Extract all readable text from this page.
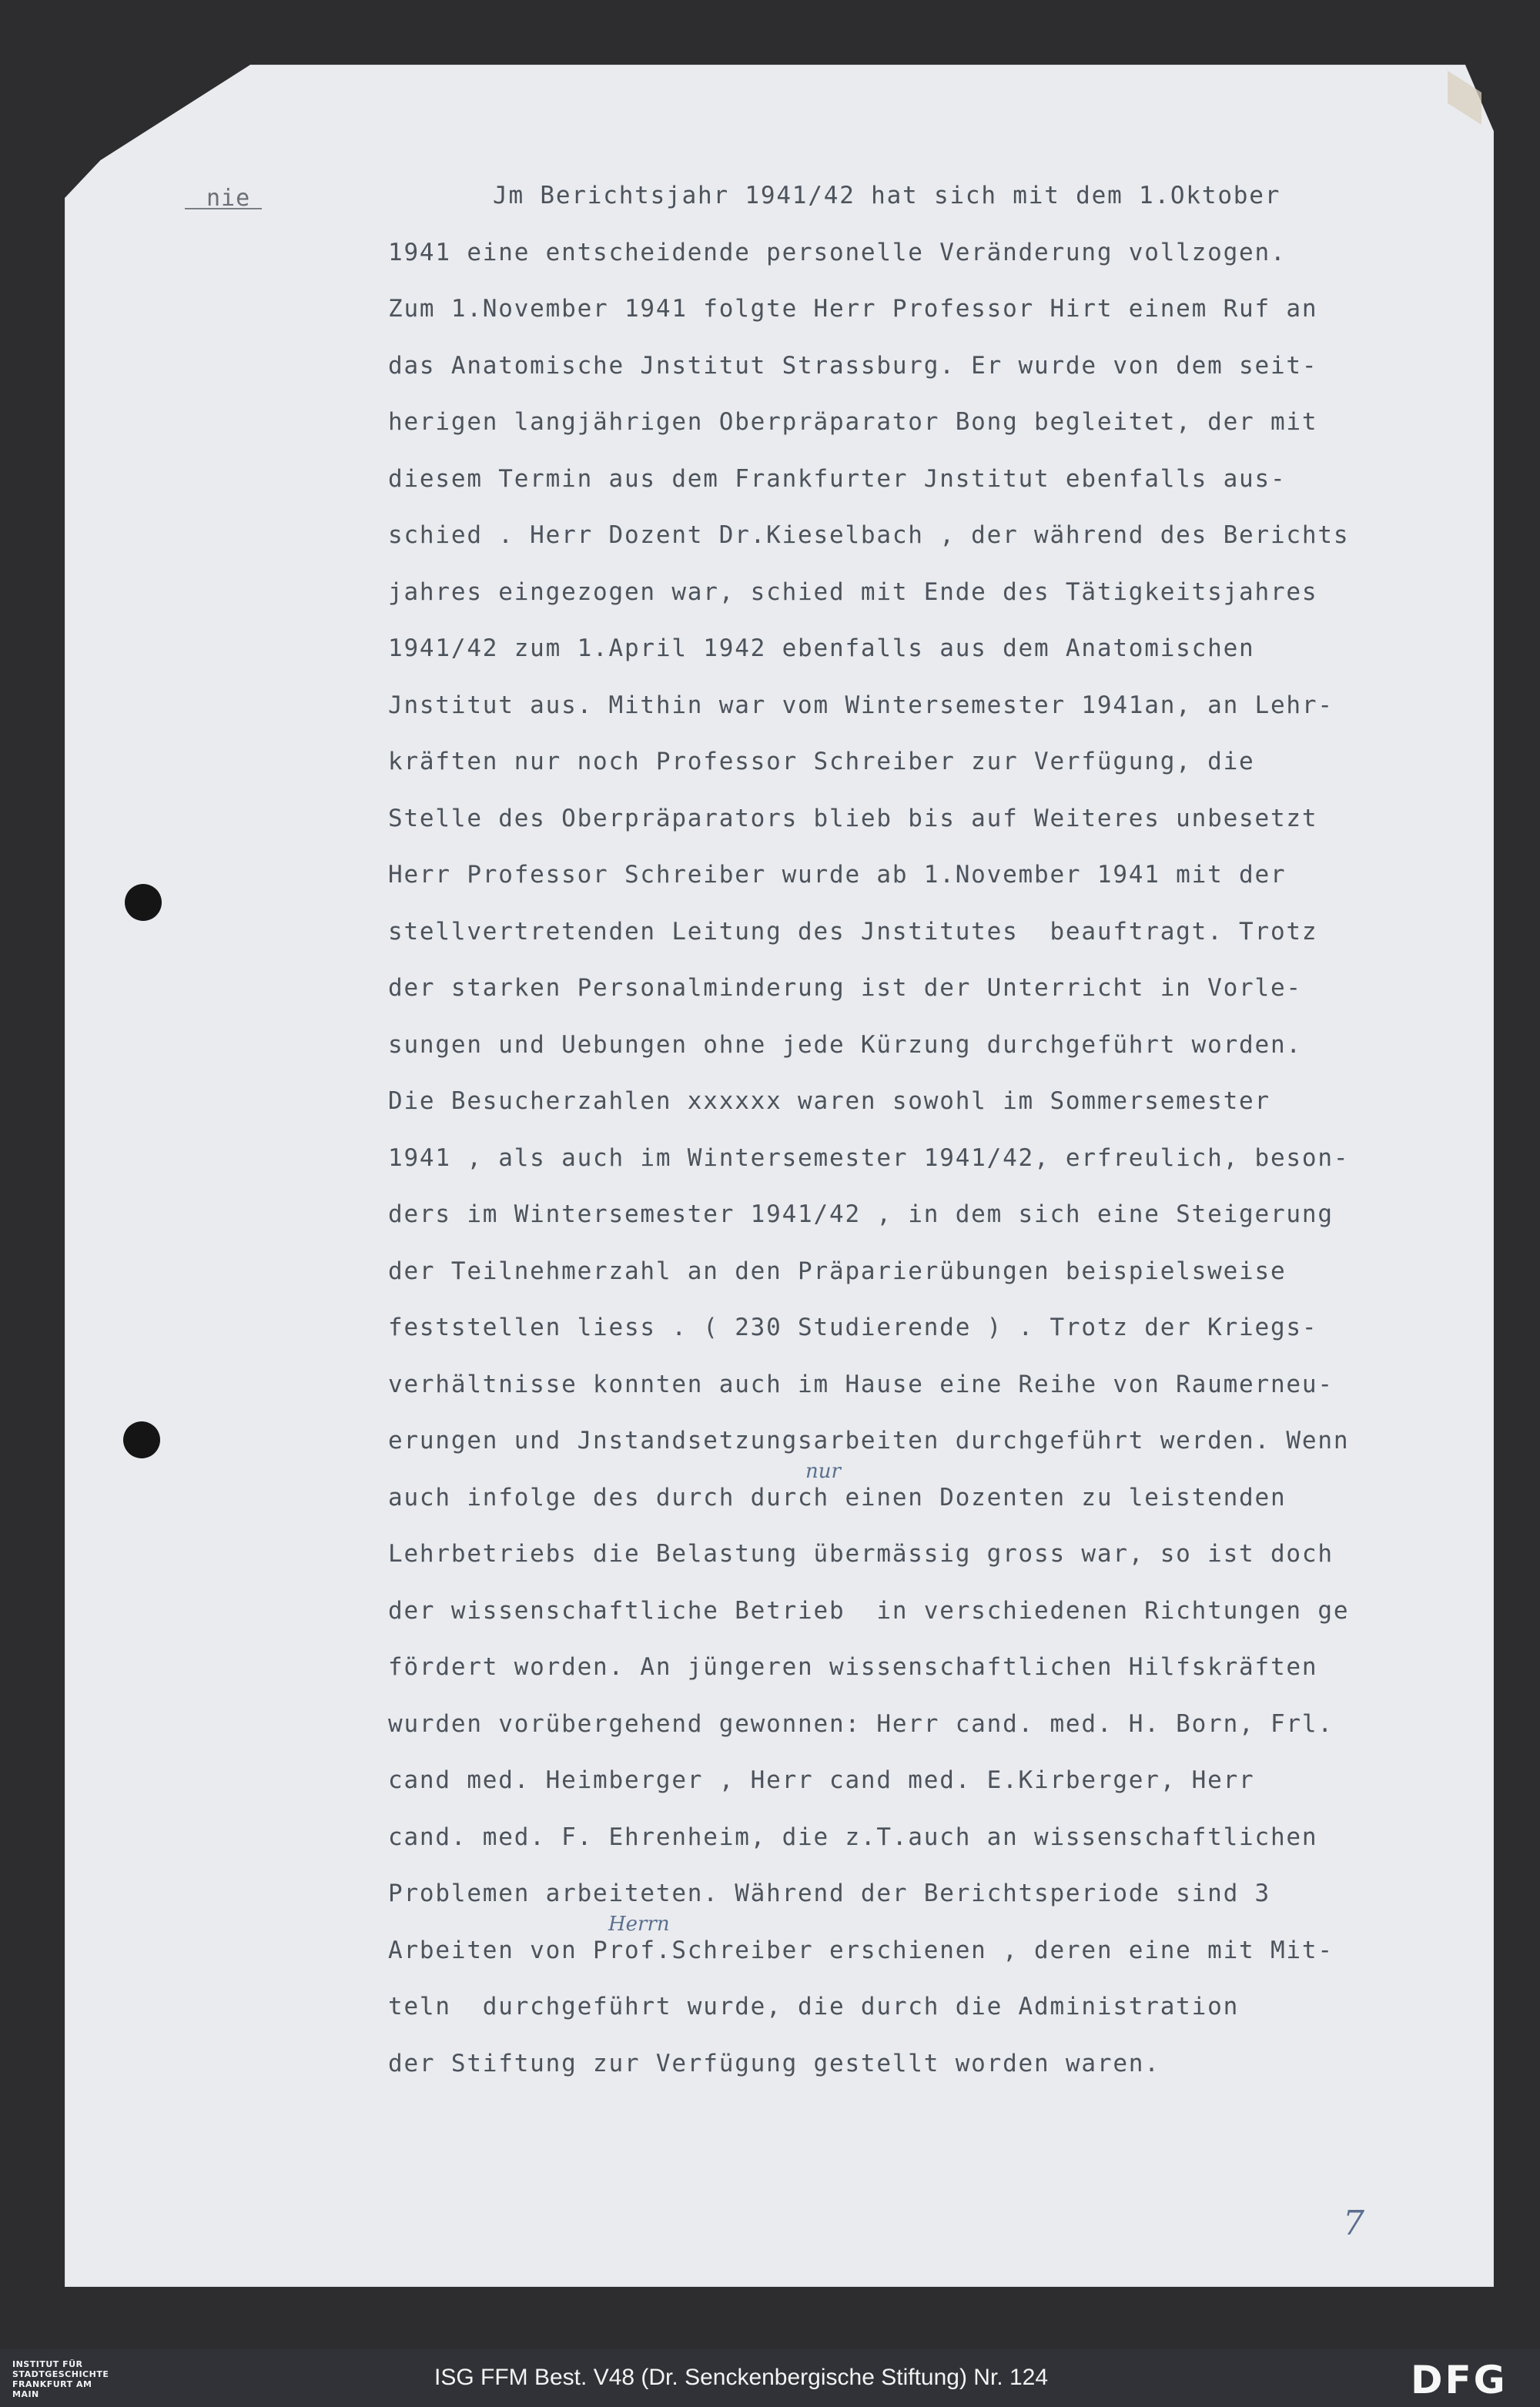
nie	Jm Berichtsjahr 1941/42 hat sich mit dem 1.Oktober
1941 eine entscheidende personelle Veränderung vollzogen.
Zum 1.November 1941 folgte Herr Professor Hirt einem Ruf an
das Anatomische Jnstitut Strassburg. Er wurde von dem seit-
herigen langjährigen Oberpräparator Bong begleitet, der mit
diesem Termin aus dem Frankfurter Jnstitut ebenfalls aus-
schied . Herr Dozent Dr.Kieselbach , der während des Berichts
jahres eingezogen war, schied mit Ende des Tätigkeitsjahres
1941/42 zum 1.April 1942 ebenfalls aus dem Anatomischen
Jnstitut aus. Mithin war vom Wintersemester 1941an, an Lehr-
kräften nur noch Professor Schreiber zur Verfügung, die
Stelle des Oberpräparators blieb bis auf Weiteres unbesetzt
Herr Professor Schreiber wurde ab 1.November 1941 mit der
stellvertretenden Leitung des Jnstitutes  beauftragt. Trotz
der starken Personalminderung ist der Unterricht in Vorle-
sungen und Uebungen ohne jede Kürzung durchgeführt worden.
Die Besucherzahlen xxxxxx waren sowohl im Sommersemester
1941 , als auch im Wintersemester 1941/42, erfreulich, beson-
ders im Wintersemester 1941/42 , in dem sich eine Steigerung
der Teilnehmerzahl an den Präparierübungen beispielsweise
feststellen liess . ( 230 Studierende ) . Trotz der Kriegs-
verhältnisse konnten auch im Hause eine Reihe von Raumerneu-
erungen und Jnstandsetzungsarbeiten durchgeführt werden. Wenn
auch infolge des durch durch einen Dozenten zu leistenden
Lehrbetriebs die Belastung übermässig gross war, so ist doch
der wissenschaftliche Betrieb  in verschiedenen Richtungen ge
fördert worden. An jüngeren wissenschaftlichen Hilfskräften
wurden vorübergehend gewonnen: Herr cand. med. H. Born, Frl.
cand med. Heimberger , Herr cand med. E.Kirberger, Herr
cand. med. F. Ehrenheim, die z.T.auch an wissenschaftlichen
Problemen arbeiteten. Während der Berichtsperiode sind 3
Arbeiten von Prof.Schreiber erschienen , deren eine mit Mit-
teln  durchgeführt wurde, die durch die Administration
der Stiftung zur Verfügung gestellt worden waren.
Herrn
nur
7
INSTITUT FÜR STADTGESCHICHTE FRANKFURT AM MAIN
ISG FFM Best. V48 (Dr. Senckenbergische Stiftung) Nr. 124	DFG
